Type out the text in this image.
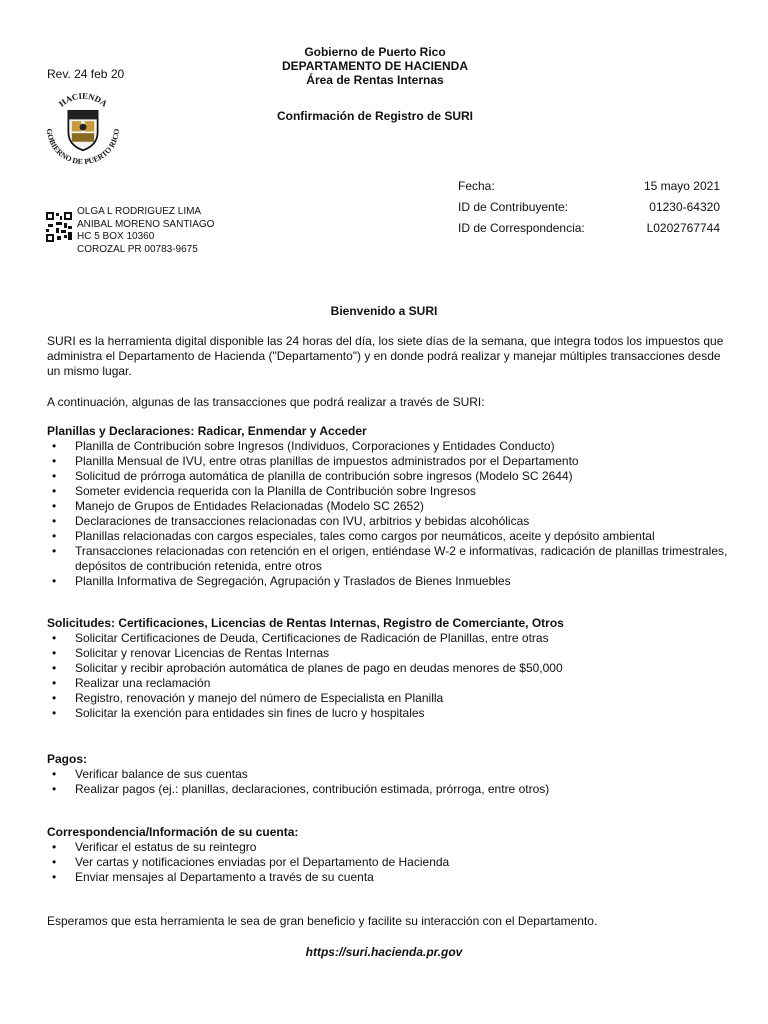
Rev. 24 feb 20
Gobierno de Puerto Rico
DEPARTAMENTO DE HACIENDA
Área de Rentas Internas
Confirmación de Registro de SURI
HACIENDA
GOBIERNO DE PUERTO RICO
OLGA L RODRIGUEZ LIMA
ANIBAL MORENO SANTIAGO
HC 5 BOX 10360
COROZAL PR 00783-9675
Fecha:	15 mayo 2021
ID de Contribuyente:	01230-64320
ID de Correspondencia:	L0202767744
Bienvenido a SURI
SURI es la herramienta digital disponible las 24 horas del día, los siete días de la semana, que integra todos los impuestos que administra el Departamento de Hacienda ("Departamento") y en donde podrá realizar y manejar múltiples transacciones desde un mismo lugar.
A continuación, algunas de las transacciones que podrá realizar a través de SURI:
Planillas y Declaraciones: Radicar, Enmendar y Acceder
• Planilla de Contribución sobre Ingresos (Individuos, Corporaciones y Entidades Conducto)
• Planilla Mensual de IVU, entre otras planillas de impuestos administrados por el Departamento
• Solicitud de prórroga automática de planilla de contribución sobre ingresos (Modelo SC 2644)
• Someter evidencia requerida con la Planilla de Contribución sobre Ingresos
• Manejo de Grupos de Entidades Relacionadas (Modelo SC 2652)
• Declaraciones de transacciones relacionadas con IVU, arbitrios y bebidas alcohólicas
• Planillas relacionadas con cargos especiales, tales como cargos por neumáticos, aceite y depósito ambiental
• Transacciones relacionadas con retención en el origen, entiéndase W-2 e informativas, radicación de planillas trimestrales, depósitos de contribución retenida, entre otros
• Planilla Informativa de Segregación, Agrupación y Traslados de Bienes Inmuebles
Solicitudes: Certificaciones, Licencias de Rentas Internas, Registro de Comerciante, Otros
• Solicitar Certificaciones de Deuda, Certificaciones de Radicación de Planillas, entre otras
• Solicitar y renovar Licencias de Rentas Internas
• Solicitar y recibir aprobación automática de planes de pago en deudas menores de $50,000
• Realizar una reclamación
• Registro, renovación y manejo del número de Especialista en Planilla
• Solicitar la exención para entidades sin fines de lucro y hospitales
Pagos:
• Verificar balance de sus cuentas
• Realizar pagos (ej.: planillas, declaraciones, contribución estimada, prórroga, entre otros)
Correspondencia/Información de su cuenta:
• Verificar el estatus de su reintegro
• Ver cartas y notificaciones enviadas por el Departamento de Hacienda
• Enviar mensajes al Departamento a través de su cuenta
Esperamos que esta herramienta le sea de gran beneficio y facilite su interacción con el Departamento.
https://suri.hacienda.pr.gov
